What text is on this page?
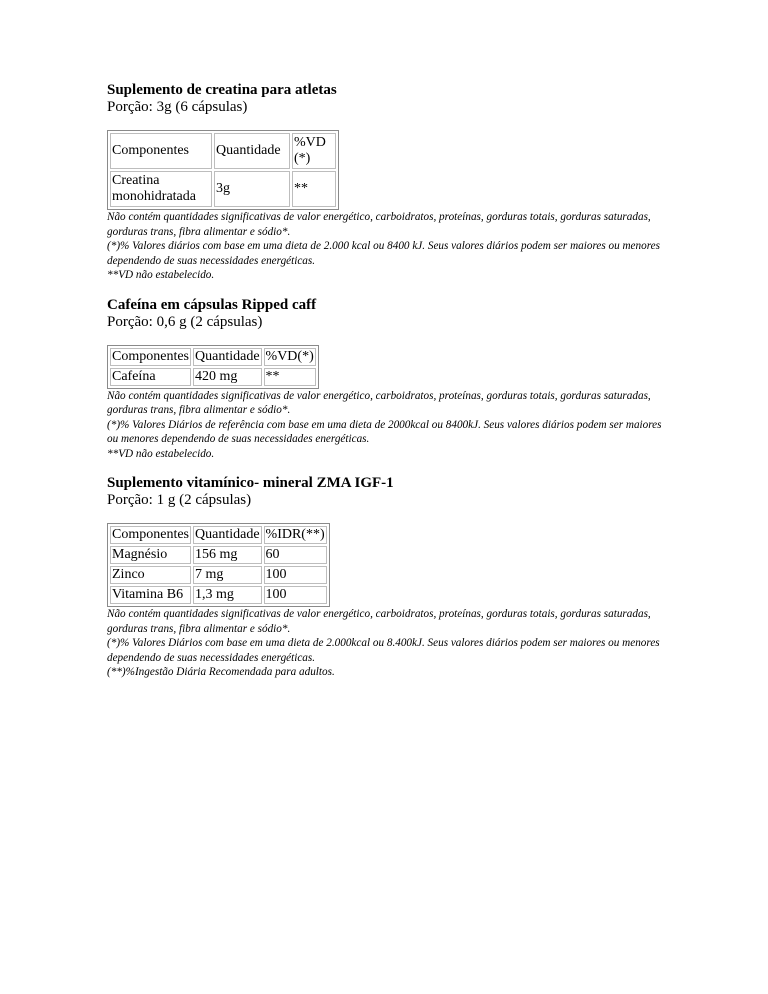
Suplemento de creatina para atletas

Porção: 3g (6 cápsulas)

Componentes	Quantidade	%VD (*)
Creatina monohidratada	3g	**

Não contém quantidades significativas de valor energético, carboidratos, proteínas, gorduras totais, gorduras saturadas, gorduras trans, fibra alimentar e sódio*.

(*)% Valores diários com base em uma dieta de 2.000 kcal ou 8400 kJ. Seus valores diários podem ser maiores ou menores dependendo de suas necessidades energéticas.

**VD não estabelecido.

Cafeína em cápsulas Ripped caff

Porção: 0,6 g (2 cápsulas)

Componentes	Quantidade	%VD(*)
Cafeína	420 mg	**

Não contém quantidades significativas de valor energético, carboidratos, proteínas, gorduras totais, gorduras saturadas, gorduras trans, fibra alimentar e sódio*.

(*)% Valores Diários de referência com base em uma dieta de 2000kcal ou 8400kJ. Seus valores diários podem ser maiores ou menores dependendo de suas necessidades energéticas.

**VD não estabelecido.

Suplemento vitamínico- mineral ZMA IGF-1

Porção: 1 g (2 cápsulas)

Componentes	Quantidade	%IDR(**)
Magnésio	156 mg	60
Zinco	7 mg	100
Vitamina B6	1,3 mg	100

Não contém quantidades significativas de valor energético, carboidratos, proteínas, gorduras totais, gorduras saturadas, gorduras trans, fibra alimentar e sódio*.

(*)% Valores Diários com base em uma dieta de 2.000kcal ou 8.400kJ. Seus valores diários podem ser maiores ou menores dependendo de suas necessidades energéticas.

(**)%Ingestão Diária Recomendada para adultos.
